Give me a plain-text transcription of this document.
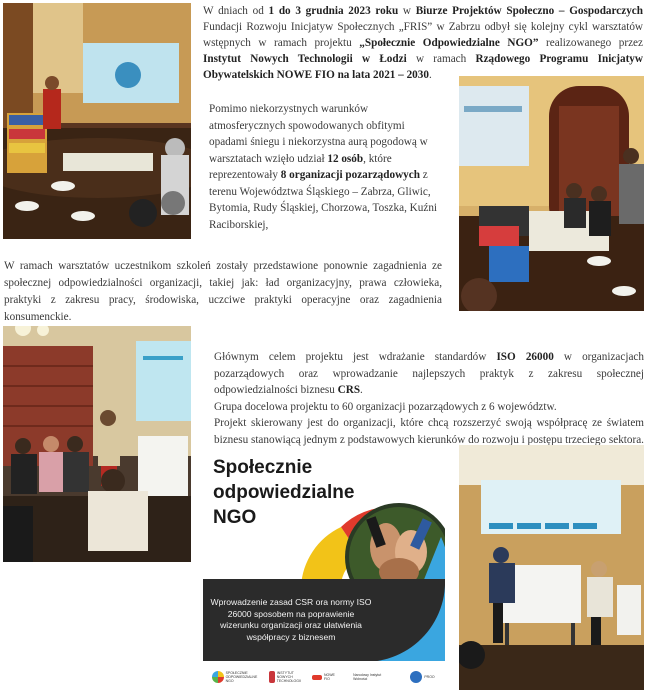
W dniach od 1 do 3 grudnia 2023 roku w Biurze Projektów Społeczno – Gospodarczych Fundacji Rozwoju Inicjatyw Społecznych „FRIS” w Zabrzu odbył się kolejny cykl warsztatów wstępnych w ramach projektu „Społecznie Odpowiedzialne NGO” realizowanego przez Instytut Nowych Technologii w Łodzi w ramach Rządowego Programu Inicjatyw Obywatelskich NOWE FIO na lata 2021 – 2030.
Pomimo niekorzystnych warunków atmosferycznych spowodowanych obfitymi opadami śniegu i niekorzystna aurą pogodową w warsztatach wzięło udział 12 osób, które reprezentowały 8 organizacji pozarządowych z terenu Województwa Śląskiego – Zabrza, Gliwic, Bytomia, Rudy Śląskiej, Chorzowa, Toszka, Kuźni Raciborskiej,
W ramach warsztatów uczestnikom szkoleń zostały przedstawione ponownie zagadnienia ze społecznej odpowiedzialności organizacji, takiej jak: ład organizacyjny, prawa człowieka, praktyki z zakresu pracy, środowiska, uczciwe praktyki operacyjne oraz zagadnienia konsumenckie.
Głównym celem projektu jest wdrażanie standardów ISO 26000 w organizacjach pozarządowych oraz wprowadzanie najlepszych praktyk z zakresu społecznej odpowiedzialności biznesu CRS.
Grupa docelowa projektu to 60 organizacji pozarządowych z 6 województw.
Projekt skierowany jest do organizacji, które chcą rozszerzyć swoją współpracę ze światem biznesu stanowiącą jednym z podstawowych kierunków do rozwoju i postępu trzeciego sektora.
Społecznie odpowiedzialne NGO
Wprowadzenie zasad CSR ora normy ISO 26000 sposobem na poprawienie wizerunku organizacji oraz ułatwienia współpracy z biznesem
SPOŁECZNIE ODPOWIEDZIALNE NGO
INSTYTUT NOWYCH TECHNOLOGII
NOWE FIO
Narodowy Instytut Wolności	PROO
